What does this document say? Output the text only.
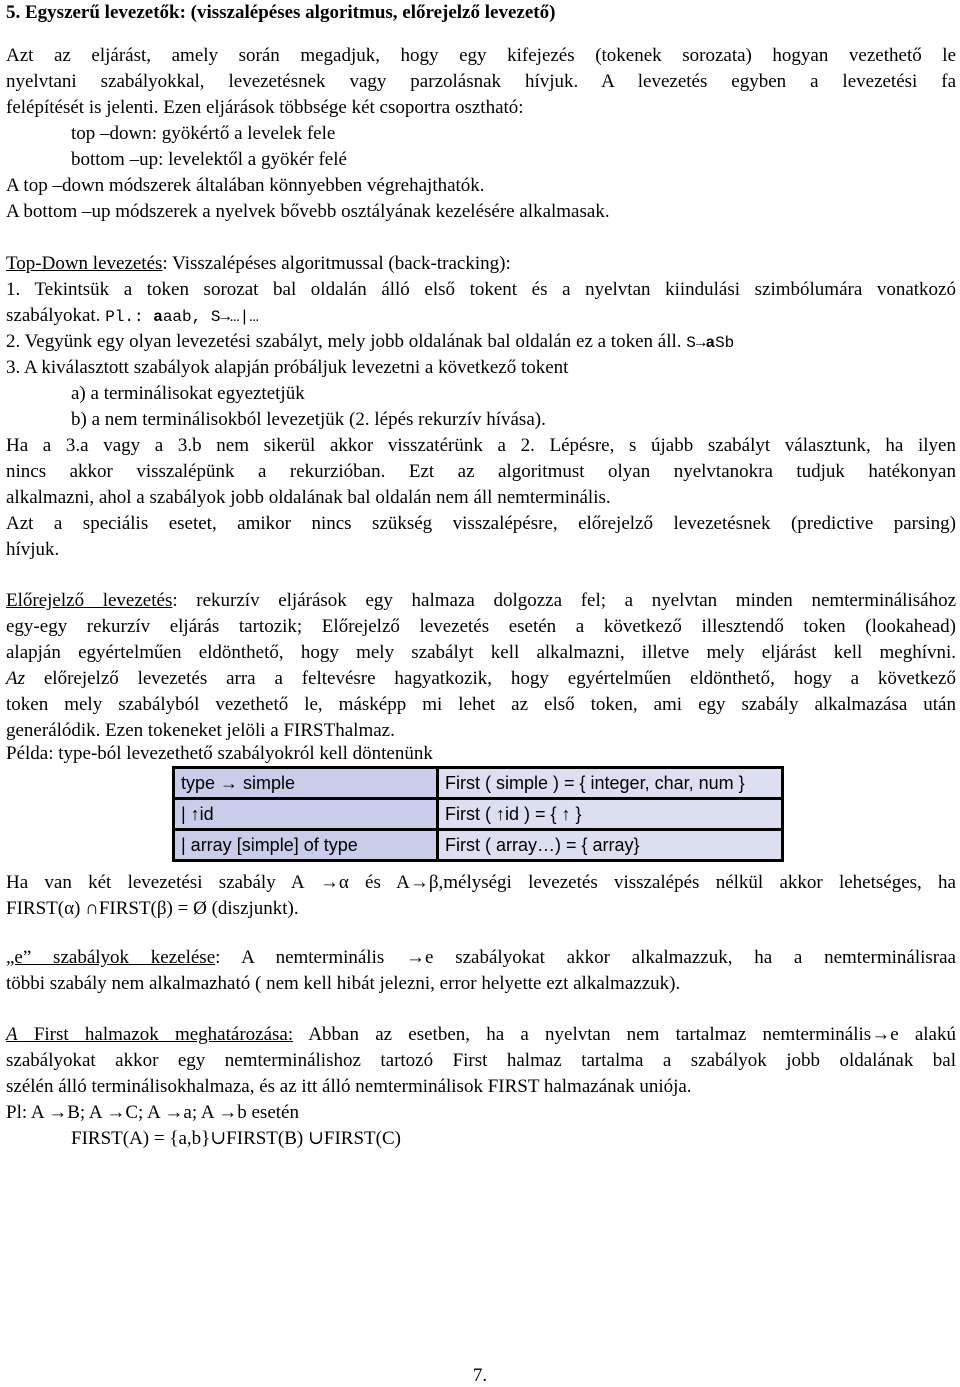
5. Egyszerű levezetők: (visszalépéses algoritmus, előrejelző levezető)
Azt az eljárást, amely során megadjuk, hogy egy kifejezés (tokenek sorozata) hogyan vezethető le
nyelvtani szabályokkal, levezetésnek vagy parzolásnak hívjuk. A levezetés egyben a levezetési fa
felépítését is jelenti. Ezen eljárások többsége két csoportra osztható:
top –down: gyökértő a levelek fele
bottom –up: levelektől a gyökér felé
A top –down módszerek általában könnyebben végrehajthatók.
A bottom –up módszerek a nyelvek bővebb osztályának kezelésére alkalmasak.
Top-Down levezetés: Visszalépéses algoritmussal (back-tracking):
1. Tekintsük a token sorozat bal oldalán álló első tokent és a nyelvtan kiindulási szimbólumára vonatkozó
szabályokat. Pl.: aaab, S→…|…
2. Vegyünk egy olyan levezetési szabályt, mely jobb oldalának bal oldalán ez a token áll. S→aSb
3. A kiválasztott szabályok alapján próbáljuk levezetni a következő tokent
a) a terminálisokat egyeztetjük
b) a nem terminálisokból levezetjük (2. lépés rekurzív hívása).
Ha a 3.a vagy a 3.b nem sikerül akkor visszatérünk a 2. Lépésre, s újabb szabályt választunk, ha ilyen
nincs akkor visszalépünk a rekurzióban. Ezt az algoritmust olyan nyelvtanokra tudjuk hatékonyan
alkalmazni, ahol a szabályok jobb oldalának bal oldalán nem áll nemterminális.
Azt a speciális esetet, amikor nincs szükség visszalépésre, előrejelző levezetésnek (predictive parsing)
hívjuk.
Előrejelző levezetés: rekurzív eljárások egy halmaza dolgozza fel; a nyelvtan minden nemterminálisához
egy-egy rekurzív eljárás tartozik; Előrejelző levezetés esetén a következő illesztendő token (lookahead)
alapján egyértelműen eldönthető, hogy mely szabályt kell alkalmazni, illetve mely eljárást kell meghívni.
Az előrejelző levezetés arra a feltevésre hagyatkozik, hogy egyértelműen eldönthető, hogy a következő
token mely szabályból vezethető le, másképp mi lehet az első token, ami egy szabály alkalmazása után
generálódik. Ezen tokeneket jelöli a FIRSThalmaz.
Példa: type-ból levezethető szabályokról kell döntenünk
Ha van két levezetési szabály A →α és A→β,mélységi levezetés visszalépés nélkül akkor lehetséges, ha
FIRST(α) ∩FIRST(β) = Ø (diszjunkt).
„e” szabályok kezelése: A nemterminális →e szabályokat akkor alkalmazzuk, ha a nemterminálisraa
többi szabály nem alkalmazható ( nem kell hibát jelezni, error helyette ezt alkalmazzuk).
A First halmazok meghatározása: Abban az esetben, ha a nyelvtan nem tartalmaz nemterminális→e alakú
szabályokat akkor egy nemterminálishoz tartozó First halmaz tartalma a szabályok jobb oldalának bal
szélén álló terminálisokhalmaza, és az itt álló nemterminálisok FIRST halmazának uniója.
Pl: A →B; A →C; A →a; A →b esetén
FIRST(A) = {a,b}∪FIRST(B) ∪FIRST(C)
type → simple	First ( simple ) = { integer, char, num }
| ↑id	First ( ↑id ) = { ↑ }
| array [simple] of type	First ( array…) = { array}
7.
